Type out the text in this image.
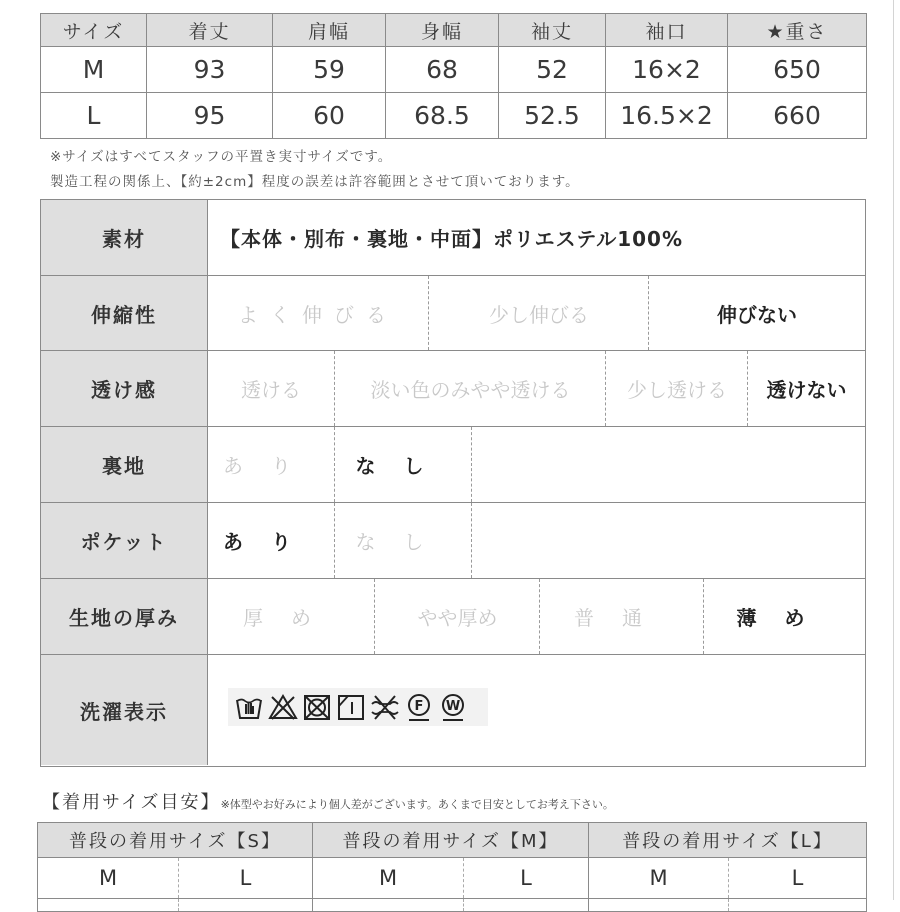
サイズ	着丈	肩幅	身幅	袖丈	袖口	★重さ
M	93	59	68	52	16×2	650
L	95	60	68.5	52.5	16.5×2	660
※サイズはすべてスタッフの平置き実寸サイズです。
製造工程の関係上、【約±2cm】程度の誤差は許容範囲とさせて頂いております。
素材	【本体・別布・裏地・中面】ポリエステル100%
伸縮性	よく伸びる	少し伸びる	伸びない
透け感	透ける	淡い色のみやや透ける	少し透ける	透けない
裏地	あり	なし
ポケット	あり	なし
生地の厚み	厚め	やや厚め	普通	薄め
洗濯表示	F W
【着用サイズ目安】※体型やお好みにより個人差がございます。あくまで目安としてお考え下さい。
普段の着用サイズ【S】		普段の着用サイズ【M】		普段の着用サイズ【L】	
M	L	M	L	M	L
